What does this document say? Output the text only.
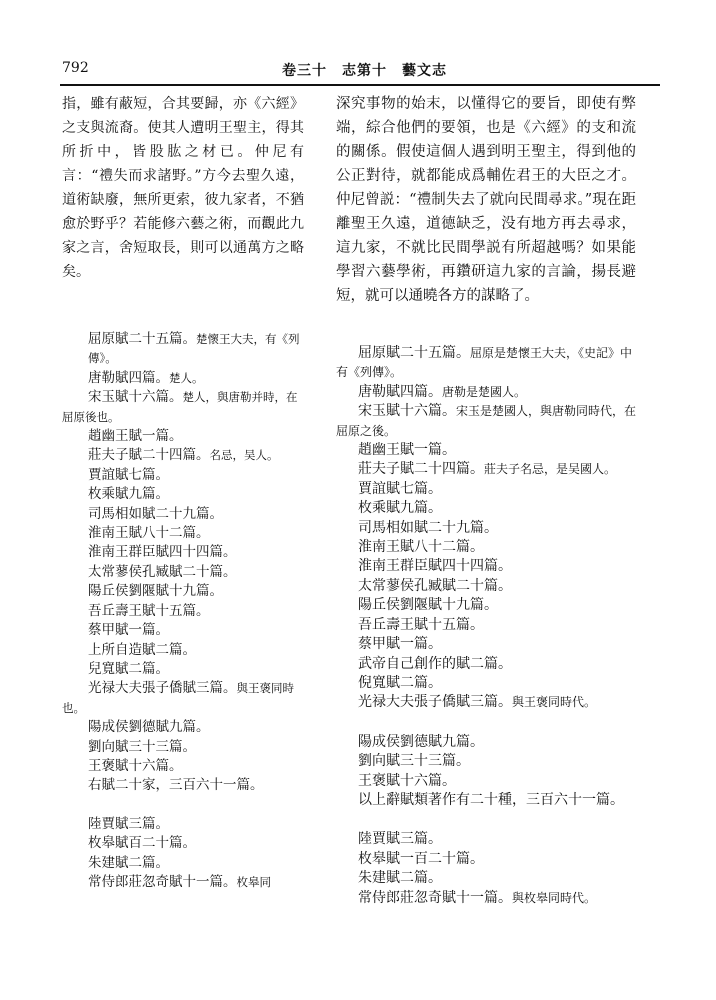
792	卷三十　志第十　藝文志

指，雖有蔽短，合其要歸，亦《六經》之支與流裔。使其人遭明王聖主，得其所折中，皆股肱之材已。仲尼有言：“禮失而求諸野。”方今去聖久遠，道術缺廢，無所更索，彼九家者，不猶愈於野乎？若能修六藝之術，而觀此九家之言，舍短取長，則可以通萬方之略矣。

屈原賦二十五篇。楚懷王大夫，有《列傳》。
唐勒賦四篇。楚人。
宋玉賦十六篇。楚人，與唐勒并時，在屈原後也。
趙幽王賦一篇。
莊夫子賦二十四篇。名忌，吴人。
賈誼賦七篇。
枚乘賦九篇。
司馬相如賦二十九篇。
淮南王賦八十二篇。
淮南王群臣賦四十四篇。
太常蓼侯孔臧賦二十篇。
陽丘侯劉隁賦十九篇。
吾丘壽王賦十五篇。
蔡甲賦一篇。
上所自造賦二篇。
兒寬賦二篇。
光禄大夫張子僑賦三篇。與王褒同時也。
陽成侯劉德賦九篇。
劉向賦三十三篇。
王褒賦十六篇。
右賦二十家，三百六十一篇。
陸賈賦三篇。
枚皋賦百二十篇。
朱建賦二篇。
常侍郎莊忽奇賦十一篇。枚皋同

深究事物的始末，以懂得它的要旨，即使有弊端，綜合他們的要領，也是《六經》的支和流的關係。假使這個人遇到明王聖主，得到他的公正對待，就都能成爲輔佐君王的大臣之才。仲尼曾説：“禮制失去了就向民間尋求。”現在距離聖王久遠，道德缺乏，没有地方再去尋求，這九家，不就比民間學説有所超越嗎？如果能學習六藝學術，再鑽研這九家的言論，揚長避短，就可以通曉各方的謀略了。

屈原賦二十五篇。屈原是楚懷王大夫，《史記》中有《列傳》。
唐勒賦四篇。唐勒是楚國人。
宋玉賦十六篇。宋玉是楚國人，與唐勒同時代，在屈原之後。
趙幽王賦一篇。
莊夫子賦二十四篇。莊夫子名忌，是吴國人。
賈誼賦七篇。
枚乘賦九篇。
司馬相如賦二十九篇。
淮南王賦八十二篇。
淮南王群臣賦四十四篇。
太常蓼侯孔臧賦二十篇。
陽丘侯劉隁賦十九篇。
吾丘壽王賦十五篇。
蔡甲賦一篇。
武帝自己創作的賦二篇。
倪寬賦二篇。
光禄大夫張子僑賦三篇。與王褒同時代。
陽成侯劉德賦九篇。
劉向賦三十三篇。
王褒賦十六篇。
以上辭賦類著作有二十種，三百六十一篇。
陸賈賦三篇。
枚皋賦一百二十篇。
朱建賦二篇。
常侍郎莊忽奇賦十一篇。與枚皋同時代。
